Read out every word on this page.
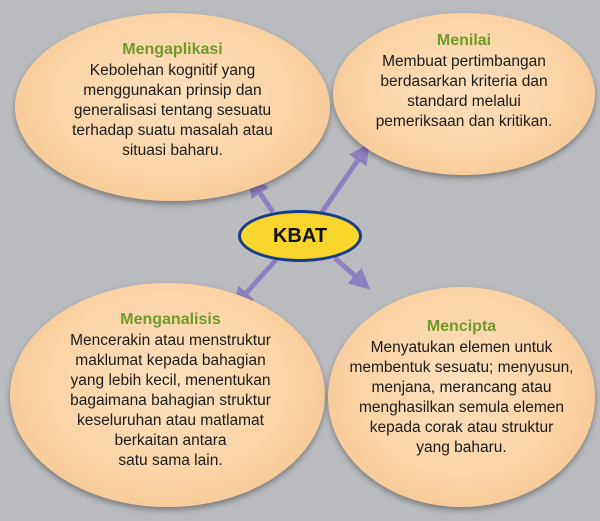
Mengaplikasi
Kebolehan kognitif yang
menggunakan prinsip dan
generalisasi tentang sesuatu
terhadap suatu masalah atau
situasi baharu.
Menilai
Membuat pertimbangan
berdasarkan kriteria dan
standard melalui
pemeriksaan dan kritikan.
Menganalisis
Mencerakin atau menstruktur
maklumat kepada bahagian
yang lebih kecil, menentukan
bagaimana bahagian struktur
keseluruhan atau matlamat
berkaitan antara
satu sama lain.
Mencipta
Menyatukan elemen untuk
membentuk sesuatu; menyusun,
menjana, merancang atau
menghasilkan semula elemen
kepada corak atau struktur
yang baharu.
KBAT
